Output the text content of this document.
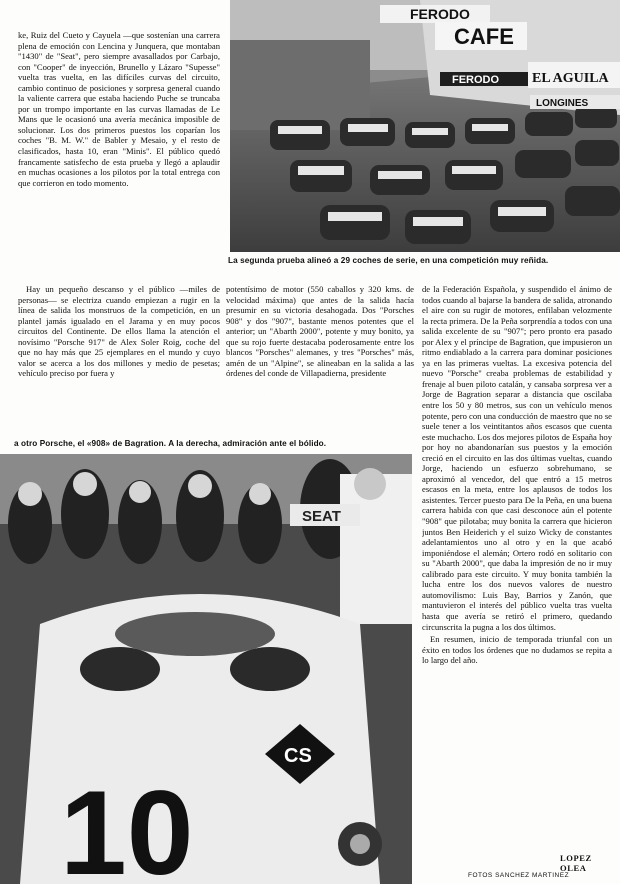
ke, Ruiz del Cueto y Cayuela —que sostenían una carrera plena de emoción con Lencina y Junquera, que montaban "1430" de "Seat", pero siempre avasallados por Carbajo, con "Cooper" de inyección, Brunello y Lázaro "Supesse" vuelta tras vuelta, en las difíciles curvas del circuito, cambio continuo de posiciones y sorpresa general cuando la valiente carrera que estaba haciendo Puche se truncaba por un trompo importante en las curvas llamadas de Le Mans que le ocasionó una avería mecánica imposible de solucionar. Los dos primeros puestos los coparían los coches "B. M. W." de Babler y Mesaio, y el resto de clasificados, hasta 10, eran "Minis". El público quedó francamente satisfecho de esta prueba y llegó a aplaudir en muchas ocasiones a los pilotos por la total entrega con que corrieron en todo momento.

FERODO
CAFE
FERODO EL AGUILA
LONGINES
La segunda prueba alineó a 29 coches de serie, en una competición muy reñida.

Hay un pequeño descanso y el público —miles de personas— se electriza cuando empiezan a rugir en la línea de salida los monstruos de la competición, en un plantel jamás igualado en el Jarama y en muy pocos circuitos del Continente. De ellos llama la atención el novísimo "Porsche 917" de Alex Soler Roig, coche del que no hay más que 25 ejemplares en el mundo y cuyo valor se acerca a los dos millones y medio de pesetas; vehículo preciso por fuera y

potentísimo de motor (550 caballos y 320 kms. de velocidad máxima) que antes de la salida hacía presumir en su victoria desahogada. Dos "Porsches 908" y dos "907", bastante menos potentes que el anterior; un "Abarth 2000", potente y muy bonito, ya que su rojo fuerte destacaba poderosamente entre los blancos "Porsches" alemanes, y tres "Porsches" más, amén de un "Alpine", se alineaban en la salida a las órdenes del conde de Villapadierna, presidente

de la Federación Española, y suspendido el ánimo de todos cuando al bajarse la bandera de salida, atronando el aire con su rugir de motores, enfilaban velozmente la recta primera. De la Peña sorprendía a todos con una salida excelente de su "907"; pero pronto era pasado por Alex y el príncipe de Bagration, que impusieron un ritmo endiablado a la carrera para dominar posiciones ya en las primeras vueltas. La excesiva potencia del nuevo "Porsche" creaba problemas de estabilidad y frenaje al buen piloto catalán, y cansaba sorpresa ver a Jorge de Bagration separar a distancia que oscilaba entre los 50 y 80 metros, sus con un vehículo menos potente, pero con una conducción de maestro que no se suele tener a los veintitantos años escasos que cuenta este muchacho. Los dos mejores pilotos de España hoy por hoy no abandonarían sus puestos y la emoción creció en el circuito en las dos últimas vueltas, cuando Jorge, haciendo un esfuerzo sobrehumano, se aproximó al vencedor, del que entró a 15 metros escasos en la meta, entre los aplausos de todos los asistentes. Tercer puesto para De la Peña, en una buena carrera habida con que casi desconoce aún el potente "908" que pilotaba; muy bonita la carrera que hicieron juntos Ben Heiderich y el suizo Wicky de constantes adelantamientos uno al otro y en la que acabó imponiéndose el alemán; Ortero rodó en solitario con su "Abarth 2000", que daba la impresión de no ir muy calibrado para este circuito. Y muy bonita también la lucha entre los dos nuevos valores de nuestro automovilismo: Luis Bay, Barrios y Zanón, que mantuvieron el interés del público vuelta tras vuelta hasta que avería se retiró el primero, quedando circunscrita la pugna a los dos últimos.

En resumen, inicio de temporada triunfal con un éxito en todos los órdenes que no dudamos se repita a lo largo del año.

a otro Porsche, el «908» de Bagration. A la derecha, admiración ante el bólido.
SEAT
CS
10	LOPEZ OLEA
FOTOS SANCHEZ MARTINEZ
